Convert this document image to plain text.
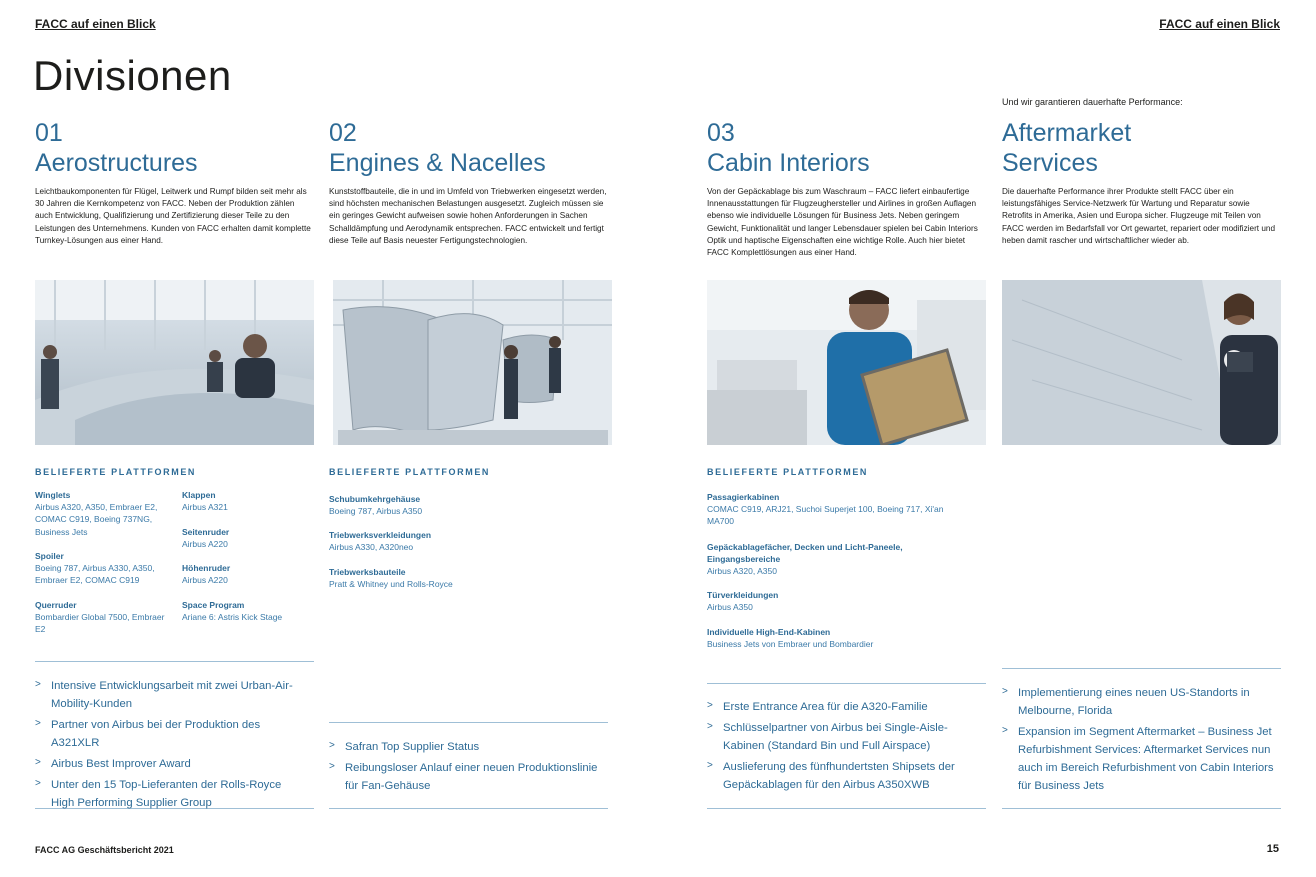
FACC auf einen Blick	FACC auf einen Blick
Divisionen
Und wir garantieren dauerhafte Performance:
01
Aerostructures

Leichtbaukomponenten für Flügel, Leitwerk und Rumpf bilden seit mehr als 30 Jahren die Kernkompetenz von FACC. Neben der Produktion zählen auch Entwicklung, Qualifizierung und Zertifizierung dieser Teile zu den Leistungen des Unternehmens. Kunden von FACC erhalten damit komplette Turnkey-Lösungen aus einer Hand.

02
Engines & Nacelles

Kunststoffbauteile, die in und im Umfeld von Triebwerken eingesetzt werden, sind höchsten mechanischen Belastungen ausgesetzt. Zugleich müssen sie ein geringes Gewicht aufweisen sowie hohen Anforderungen in Sachen Schalldämpfung und Aerodynamik entsprechen. FACC entwickelt und fertigt diese Teile auf Basis neuester Fertigungstechnologien.

03
Cabin Interiors

Von der Gepäckablage bis zum Waschraum – FACC liefert einbaufertige Innenausstattungen für Flugzeughersteller und Airlines in großen Auflagen ebenso wie individuelle Lösungen für Business Jets. Neben geringem Gewicht, Funktionalität und langer Lebensdauer spielen bei Cabin Interiors Optik und haptische Eigenschaften eine wichtige Rolle. Auch hier bietet FACC Komplettlösungen aus einer Hand.

Aftermarket
Services

Die dauerhafte Performance ihrer Produkte stellt FACC über ein leistungsfähiges Service-Netzwerk für Wartung und Reparatur sowie Retrofits in Amerika, Asien und Europa sicher. Flugzeuge mit Teilen von FACC werden im Bedarfsfall vor Ort gewartet, repariert oder modifiziert und heben damit rascher und wirtschaftlicher wieder ab.

BELIEFERTE PLATTFORMEN	BELIEFERTE PLATTFORMEN	BELIEFERTE PLATTFORMEN
Winglets
Airbus A320, A350, Embraer E2, COMAC C919, Boeing 737NG, Business Jets
Spoiler
Boeing 787, Airbus A330, A350, Embraer E2, COMAC C919
Querruder
Bombardier Global 7500, Embraer E2
Klappen
Airbus A321
Seitenruder
Airbus A220
Höhenruder
Airbus A220
Space Program
Ariane 6: Astris Kick Stage
Schubumkehrgehäuse
Boeing 787, Airbus A350
Triebwerksverkleidungen
Airbus A330, A320neo
Triebwerksbauteile
Pratt & Whitney und Rolls-Royce
Passagierkabinen
COMAC C919, ARJ21, Suchoi Superjet 100, Boeing 717, Xi'an MA700
Gepäckablagefächer, Decken und Licht-Paneele, Eingangsbereiche
Airbus A320, A350
Türverkleidungen
Airbus A350
Individuelle High-End-Kabinen
Business Jets von Embraer und Bombardier
> Intensive Entwicklungsarbeit mit zwei Urban-Air-Mobility-Kunden
> Partner von Airbus bei der Produktion des A321XLR
> Airbus Best Improver Award
> Unter den 15 Top-Lieferanten der Rolls-Royce High Performing Supplier Group
> Safran Top Supplier Status
> Reibungsloser Anlauf einer neuen Produktionslinie für Fan-Gehäuse
> Erste Entrance Area für die A320-Familie
> Schlüsselpartner von Airbus bei Single-Aisle-Kabinen (Standard Bin und Full Airspace)
> Auslieferung des fünfhundertsten Shipsets der Gepäckablagen für den Airbus A350XWB
> Implementierung eines neuen US-Standorts in Melbourne, Florida
> Expansion im Segment Aftermarket – Business Jet Refurbishment Services: Aftermarket Services nun auch im Bereich Refurbishment von Cabin Interiors für Business Jets
FACC AG Geschäftsbericht 2021	15
